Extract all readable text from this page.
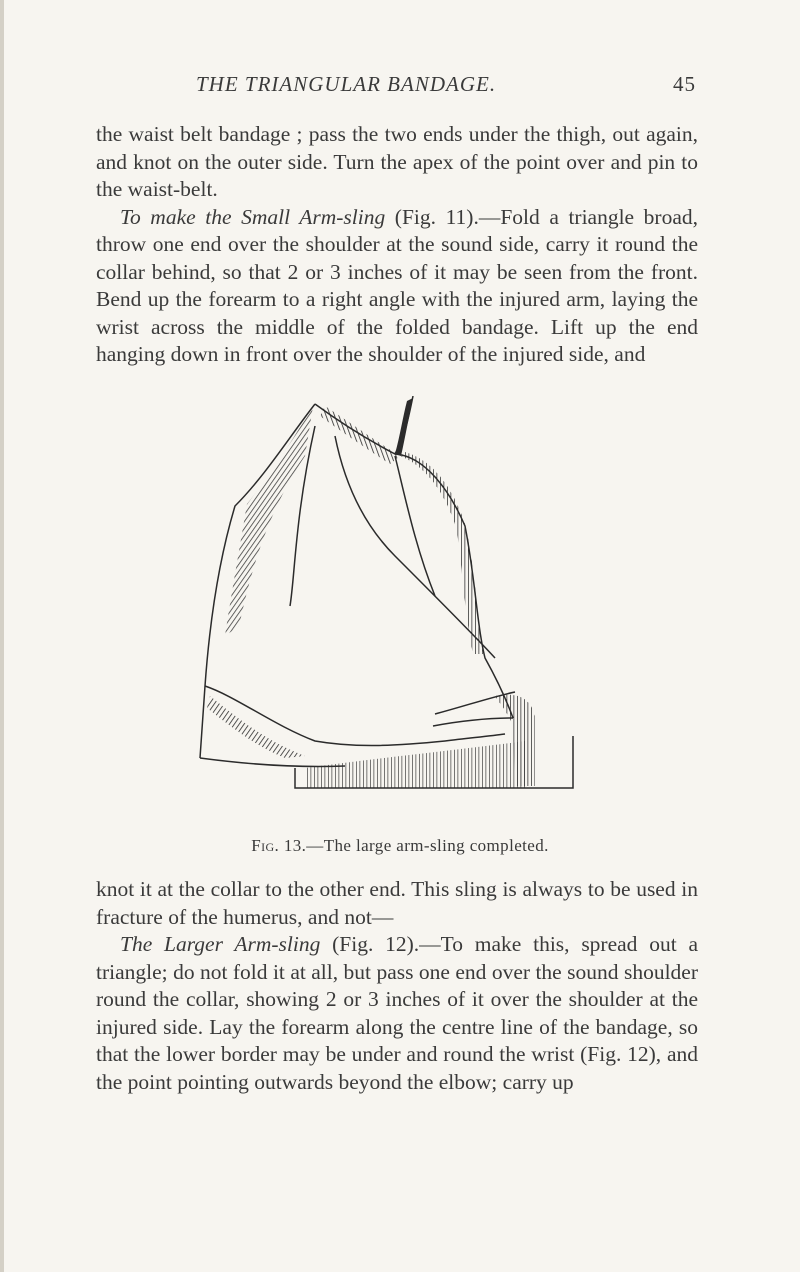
THE TRIANGULAR BANDAGE.	45

the waist belt bandage ; pass the two ends under the thigh, out again, and knot on the outer side. Turn the apex of the point over and pin to the waist-belt.

To make the Small Arm-sling (Fig. 11).—Fold a triangle broad, throw one end over the shoulder at the sound side, carry it round the collar behind, so that 2 or 3 inches of it may be seen from the front. Bend up the forearm to a right angle with the injured arm, laying the wrist across the middle of the folded bandage. Lift up the end hanging down in front over the shoulder of the injured side, and

Fig. 13.—The large arm-sling completed.

knot it at the collar to the other end. This sling is always to be used in fracture of the humerus, and not—

The Larger Arm-sling (Fig. 12).—To make this, spread out a triangle; do not fold it at all, but pass one end over the sound shoulder round the collar, showing 2 or 3 inches of it over the shoulder at the injured side. Lay the forearm along the centre line of the bandage, so that the lower border may be under and round the wrist (Fig. 12), and the point pointing outwards beyond the elbow; carry up
